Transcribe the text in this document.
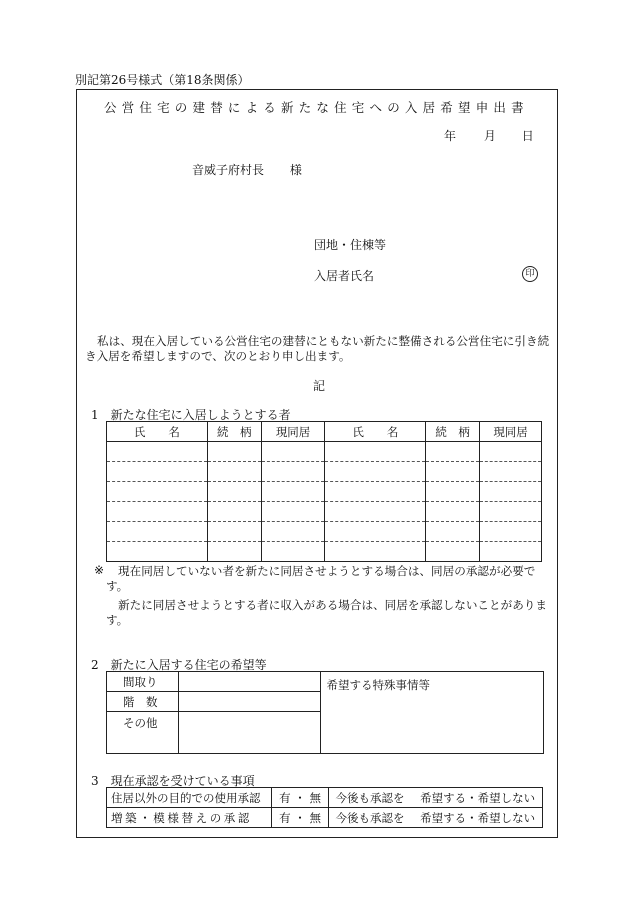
別記第26号様式（第18条関係）
公営住宅の建替による新たな住宅への入居希望申出書
年 月 日
音威子府村長 様
団地・住棟等
入居者氏名	印
私は、現在入居している公営住宅の建替にともない新たに整備される公営住宅に引き続
き入居を希望しますので、次のとおり申し出ます。
記
1　新たな住宅に入居しようとする者
氏　　名	続　柄	現同居	氏　　名	続　柄	現同居

※ 現在同居していない者を新たに同居させようとする場合は、同居の承認が必要で
す。
新たに同居させようとする者に収入がある場合は、同居を承認しないことがありま
す。
2　新たに入居する住宅の希望等
間取り		希望する特殊事情等
階　数		
その他		
3　現在承認を受けている事項
住居以外の目的での使用承認	有 ・ 無	今後も承認を 希望する・希望しない
増築・模様替えの承認	有 ・ 無	今後も承認を 希望する・希望しない
